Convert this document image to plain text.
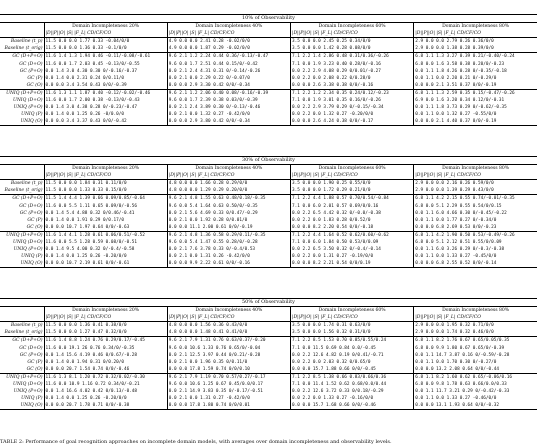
10% of Observability				
	Domain Incompleteness 20%	Domain Incompleteness 40%	Domain Incompleteness 60%	Domain Incompleteness 80%
	|D||P||O| |S| |F_L| CD/CF/CO	|D||P||O| |S| |F_L| CD/CF/CO	|D||P||O| |S| |F_L| CD/CF/CO	|D||P||O| |S| |F_L| CD/CF/CO
Baseline (t_p)	11.5 0.0 0.0 1.77 0.33 -0.04/0/0	4.9 0.0 0.0 2.41 0.28 -0.02/0/0	3.5 0.0 0.0 2.45 0.25 0.34/0/0	2.9 0.0 0.0 2.79 0.26 0.36/0/0
Baseline (t_orig)	11.5 0.0 0.0 1.36 0.33 -0.1/0/0	4.9 0.0 0.0 1.87 0.29 -0.02/0/0	3.5 0.0 0.0 1.42 0.28 0.08/0/0	2.9 0.0 0.0 1.38 0.28 0.39/0/0
GC (D+P+O)	11.6 1.4 1.3 1.94 0.46 -0.11/-0.08/-0.61	9.6 2.1 1.2 2.24 0.44 0.36/-0.13/-0.47	7.1 2.2 1.4 2.86 0.48 0.31/0.36/-0.26	6.8 1.1 1.3 3.27 0.39 0.21/-0.40/-0.24
GC (D+O)	11.6 0.0 1.7 2.03 0.45 -0.13/0/-0.55	9.6 0.0 1.7 2.51 0.44 0.15/0/-0.42	7.1 0.0 1.9 3.23 0.40 0.28/0/-0.16	6.8 0.0 1.6 3.58 0.38 0.20/0/-0.23
GC (P+O)	0.0 1.4 3.0 4.30 0.30 0/-0.16/-0.37	0.0 2.1 2.4 4.31 0.31 0/-0.14/-0.26	0.0 2.2 2.9 4.08 0.29 0/0.01/-0.27	0.0 1.1 1.8 4.26 0.28 0/-0.35/-0.18
GC (P)	0.0 1.4 0.0 2.31 0.24 0/0.11/0	0.0 2.1 0.0 2.29 0.22 0/-0.07/0	0.0 2.2 0.0 2.08 0.22 0/0.28/0	0.0 1.1 0.0 2.20 0.21 0/-0.29/0
GC (O)	0.0 0.0 3.4 3.54 0.43 0/0/-0.39	0.0 0.0 2.9 3.30 0.42 0/0/-0.34	0.0 0.0 2.6 3.38 0.38 0/0/-0.16	0.0 0.0 2.1 3.51 0.37 0/0/-0.19
UNIQ (D+P+O)	11.6 1.3 1.1 1.87 0.40 -0.12/-0.02/-0.46	9.6 2.1 1.2 2.06 0.40 0.08/-0.16/-0.39	7.1 2.2 1.2 2.34 0.35 0.24/0.12/-0.23	6.8 1.1 1.3 2.59 0.35 0.15/-0.47/-0.26
UNIQ (D+O)	11.6 0.0 1.7 2.00 0.38 -0.13/0/-0.43	9.6 0.0 1.7 2.39 0.38 0.03/0/-0.39	7.1 0.0 1.9 3.01 0.35 0.16/0/-0.26	6.9 0.0 1.6 3.20 0.34 0.12/0/-0.31
UNIQ (P+O)	0.0 1.4 3.0 4.38 0.28 0/-0.23/-0.47	0.0 2.1 2.4 3.89 0.30 0/-0.13/-0.46	0.0 2.2 2.9 3.79 0.29 0/-0.15/-0.34	0.0 1.1 1.8 3.73 0.29 0/-0.62/-0.35
UNIQ (P)	0.0 1.4 0.0 1.25 0.26 -0/0.0/0	0.0 2.1 0.0 1.32 0.27 -0.42/0/0	0.0 2.2 0.0 1.32 0.27 -0.20/0/0	0.0 1.1 0.0 1.32 0.27 -0.55/0/0
UNIQ (O)	0.0 0.0 3.4 3.37 0.43 0/0/-0.42	0.0 0.0 2.9 3.80 0.42 0/0/-0.34	0.0 0.0 2.6 4.24 0.38 0/0/-0.17	0.0 0.0 2.1 4.40 0.37 0/0/-0.19
30% of Observability				
	Domain Incompleteness 20%	Domain Incompleteness 40%	Domain Incompleteness 60%	Domain Incompleteness 80%
	|D||P||O| |S| |F_L| CD/CF/CO	|D||P||O| |S| |F_L| CD/CF/CO	|D||P||O| |S| |F_L| CD/CF/CO	|D||P||O| |S| |F_L| CD/CF/CO
Baseline (t_p)	11.5 0.0 0.0 1.84 0.31 0.11/0/0	4.8 0.0 0.0 1.66 0.28 0.29/0/0	3.5 0.0 0.0 1.90 0.25 0.55/0/0	2.9 0.0 0.0 2.16 0.26 0.59/0/0
Baseline (t_orig)	11.5 0.0 0.0 1.33 0.33 0.15/0/0	4.8 0.0 0.0 1.29 0.29 0.20/0/0	3.5 0.0 0.0 1.72 0.29 0.21/0/0	2.9 0.0 0.0 1.39 0.29 0.43/0/0
GC (D+P+O)	11.5 1.4 4.4 1.39 0.66 0.09/0.85/-0.64	9.6 2.1 4.8 1.55 0.63 0.48/0.18/-0.35	7.1 2.2 4.4 1.88 0.57 0.70/0.54/-0.84	6.8 1.1 4.2 2.15 0.55 0.74/-0.01/-0.35
GC (D+O)	11.6 0.0 5.5 1.11 0.65 0.09/0/-0.56	9.6 0.0 5.4 1.64 0.63 0.50/0/-0.35	7.1 0.0 6.0 2.01 0.57 0.69/0/0.16	6.8 0.0 5.1 2.29 0.55 0.54/0/0.15
GC (P+O)	0.0 1.4 5.4 4.88 0.32 0/0.46/-0.41	0.0 2.1 5.6 4.69 0.33 0/0.47/-0.29	0.0 2.2 6.5 4.42 0.32 0/-0.0/-0.38	0.0 1.1 6.0 4.66 0.30 0/-0.45/-0.22
GC (P)	0.0 1.4 0.0 1.91 0.29 0/0.17/0	0.0 2.1 0.0 1.92 0.28 0/0.01/0	0.0 2.2 0.0 1.83 0.28 0/0.52/0	0.0 1.1 0.0 1.77 0.27 0/-0.34/0
GC (O)	0.0 0.0 10.7 1.97 0.64 0/0/-0.63	0.0 0.0 11.1 2.00 0.61 0/0/-0.19	0.0 0.0 8.2 2.20 0.54 0/0/-0.18	0.0 0.0 6.8 2.69 0.53 0/0/-0.23
UNIQ (D+P+O)	11.6 1.4 4.1 1.28 0.61 0.06/0.51/-0.52	9.6 2.1 4.8 1.36 0.58 0.29/0.11/-0.35	7.1 2.2 4.4 1.64 0.52 0.62/0.60/-0.62	6.8 1.1 4.2 1.90 0.50 0.53/-0.49/-0.26
UNIQ (D+O)	11.6 0.0 5.5 1.28 0.59 0.08/0/-0.51	9.6 0.0 5.4 1.47 0.55 0.28/0/-0.28	7.1 0.0 6.0 1.84 0.50 0.53/0/0.09	6.8 0.0 5.1 2.12 0.51 0.55/0/0.09
UNIQ (P+O)	0.0 1.4 9.5 4.00 0.32 0/-0.4/-0.58	0.0 2.1 7.6 3.78 0.33 0/-0.4/0.53	0.0 2.2 6.5 3.50 0.32 0/-0.4/-0.14	0.0 1.1 6.0 3.26 0.29 0/-0.3/-0.38
UNIQ (P)	0.0 1.4 0.0 1.25 0.26 -0.20/0/0	0.0 2.1 0.0 1.31 0.26 -0.42/0/0	0.0 2.2 0.0 1.31 0.27 -0.19/0/0	0.0 1.1 0.0 1.33 0.27 -0.45/0/0
UNIQ (O)	0.0 0.0 10.7 2.19 0.61 0/0/-0.61	0.0 0.0 9.9 2.22 0.61 0/0/-0.16	0.0 0.0 8.2 2.21 0.54 0/0/0.19	0.0 0.0 6.8 2.55 0.52 0/0/-0.14
50% of Observability				
	Domain Incompleteness 20%	Domain Incompleteness 40%	Domain Incompleteness 60%	Domain Incompleteness 80%
	|D||P||O| |S| |F_L| CD/CF/CO	|D||P||O| |S| |F_L| CD/CF/CO	|D||P||O| |S| |F_L| CD/CF/CO	|D||P||O| |S| |F_L| CD/CF/CO
Baseline (t_p)	11.5 0.0 0.0 1.36 0.41 0.38/0/0	4.8 0.0 0.0 1.56 0.36 0.43/0/0	3.5 0.0 0.0 1.74 0.31 0.63/0/0	2.9 0.0 0.0 1.95 0.32 0.71/0/0
Baseline (t_orig)	11.5 0.0 0.0 1.27 0.47 0.32/0/0	4.8 0.0 0.0 1.48 0.41 0.41/0/0	3.5 0.0 0.0 1.56 0.32 0.31/0/0	2.9 0.0 0.0 1.74 0.32 0.46/0/0
GC (D+P+O)	11.6 1.4 8.8 1.24 0.76 0.29/0.17/-0.45	9.6 2.1 7.9 1.31 0.76 0.63/0.37/-0.20	7.1 2.2 8.5 1.53 0.70 0.85/0.55/0.24	6.8 1.1 8.2 1.76 0.67 0.65/0.05/0.35
GC (D+O)	11.6 0.0 19.1 26 0.76 0.34/0/-0.35	9.6 0.0 10.6 1.33 0.76 0.65/0/-0.04	7.1 0.0 11.5 0.69 0.84 0.0/-0.45	6.8 0.0 9.9 1.80 0.67 0.65/0/-0.39
GC (P+O)	0.0 1.4 15.6 4.19 0.46 0/0.67/-0.28	0.0 2.1 12.5 3.97 0.44 0/0.21/-0.28	0.0 2.2 12.6 4.82 0.19 0/0.41/-0.71	0.0 1.1 14.7 3.87 0.16 0/-0.59/-0.28
GC (P)	0.0 1.4 0.0 1.94 0.31 0/0.20/0	0.0 2.1 0.0 1.96 0.35 0/0.11/0	0.0 2.2 0.0 2.03 0.32 0/0.65/0	0.0 1.1 0.0 1.70 0.30 0/-0.27/0
GC (O)	0.0 0.0 20.7 1.54 0.74 0/0/-0.46	0.0 0.0 17.8 1.59 0.74 0/0/0.10	0.0 0.0 15.7 1.88 0.66 0/0/-0.45	0.0 0.0 13.2 2.08 0.64 0/0/-0.44
UNIQ (D+P+O)	11.6 1.3 8.1 1.20 0.72 0.32/0.02/-0.30	9.6 2.1 7.9 1.19 0.70 0.57/0.27/-0.17	7.1 2.2 8.5 1.38 0.66 0.83/0.66/0.36	6.8 1.1 8.2 1.60 0.62 0.65/-0.06/0.16
UNIQ (D+O)	11.6 0.0 10.9 1.16 0.72 0.34/0/-0.21	9.6 0.0 10.6 1.25 0.67 0.45/0.0/0.17	7.1 0.0 11.4 1.52 0.62 0.68/0.0/0.44	6.8 0.0 9.8 1.78 0.63 0.66/0.0/0.33
UNIQ (P+O)	0.0 1.4 16.6 4.02 0.42 0/0.13/-0.48	0.0 2.1 14.9 3.83 0.35 0/-0.17/-0.51	0.0 2.2 12.6 3.72 0.33 0/0.18/-0.29	0.0 1.1 11.7 3.21 0.29 0/-0.42/-0.33
UNIQ (P)	0.0 1.4 0.0 1.25 0.26 -0.20/0/0	0.0 2.1 0.0 1.31 0.27 -0.42/0/0	0.0 2.2 0.0 1.33 0.27 -0.16/0/0	0.0 1.1 0.0 1.33 0.27 -0.46/0/0
UNIQ (O)	0.0 0.0 20.7 1.78 0.71 0/0/-0.38	0.0 0.0 17.8 1.80 0.74 0/0/0.01	0.0 0.0 15.7 1.68 0.66 0/0/-0.46	0.0 0.0 13.1 1.93 0.64 0/0/-0.32
TABLE 2: Performance of goal recognition approaches on incomplete domain models, with averages over domain incompleteness and observability levels.
